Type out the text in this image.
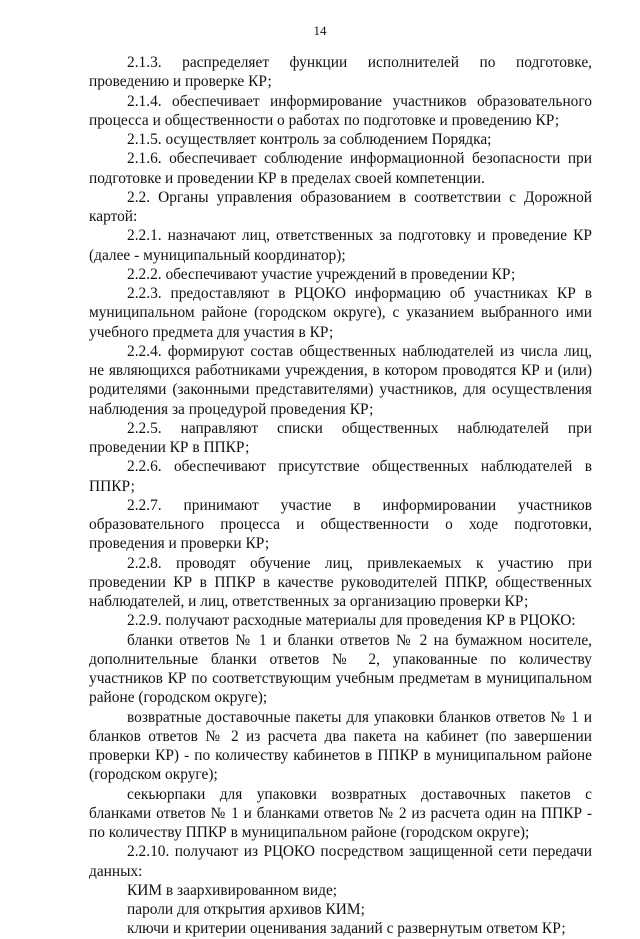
14

2.1.3. распределяет функции исполнителей по подготовке, проведению и проверке КР;

2.1.4. обеспечивает информирование участников образовательного процесса и общественности о работах по подготовке и проведению КР;

2.1.5. осуществляет контроль за соблюдением Порядка;

2.1.6. обеспечивает соблюдение информационной безопасности при подготовке и проведении КР в пределах своей компетенции.

2.2. Органы управления образованием в соответствии с Дорожной картой:

2.2.1. назначают лиц, ответственных за подготовку и проведение КР (далее - муниципальный координатор);

2.2.2. обеспечивают участие учреждений в проведении КР;

2.2.3. предоставляют в РЦОКО информацию об участниках КР в муниципальном районе (городском округе), с указанием выбранного ими учебного предмета для участия в КР;

2.2.4. формируют состав общественных наблюдателей из числа лиц, не являющихся работниками учреждения, в котором проводятся КР и (или) родителями (законными представителями) участников, для осуществления наблюдения за процедурой проведения КР;

2.2.5. направляют списки общественных наблюдателей при проведении КР в ППКР;

2.2.6. обеспечивают присутствие общественных наблюдателей в ППКР;

2.2.7. принимают участие в информировании участников образовательного процесса и общественности о ходе подготовки, проведения и проверки КР;

2.2.8. проводят обучение лиц, привлекаемых к участию при проведении КР в ППКР в качестве руководителей ППКР, общественных наблюдателей, и лиц, ответственных за организацию проверки КР;

2.2.9. получают расходные материалы для проведения КР в РЦОКО:

бланки ответов № 1 и бланки ответов № 2 на бумажном носителе, дополнительные бланки ответов № 2, упакованные по количеству участников КР по соответствующим учебным предметам в муниципальном районе (городском округе);

возвратные доставочные пакеты для упаковки бланков ответов № 1 и бланков ответов № 2 из расчета два пакета на кабинет (по завершении проверки КР) - по количеству кабинетов в ППКР в муниципальном районе (городском округе);

секьюрпаки для упаковки возвратных доставочных пакетов с бланками ответов № 1 и бланками ответов № 2 из расчета один на ППКР - по количеству ППКР в муниципальном районе (городском округе);

2.2.10. получают из РЦОКО посредством защищенной сети передачи данных:

КИМ в заархивированном виде;

пароли для открытия архивов КИМ;

ключи и критерии оценивания заданий с развернутым ответом КР;
